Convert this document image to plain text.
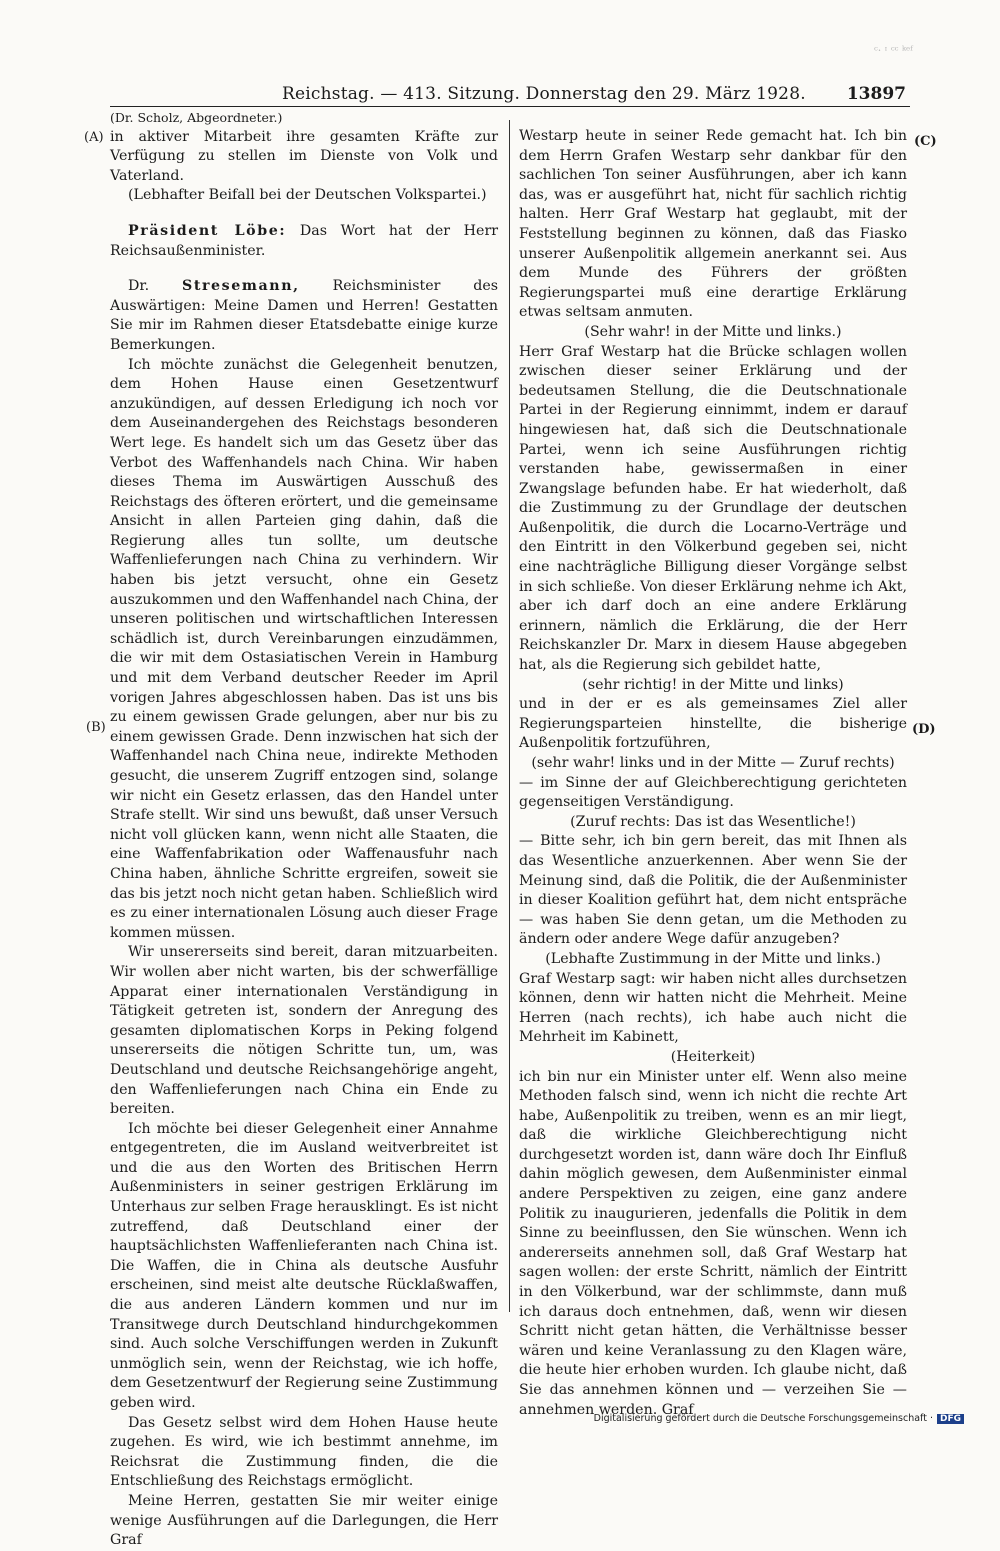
Reichstag. — 413. Sitzung. Donnerstag den 29. März 1928. 13897
ᶜ· ᶦ ᶜᶜ ᵏᵉᶠ
(A)
(B)
(C)
(D)

(Dr. Scholz, Abgeordneter.)

in aktiver Mitarbeit ihre gesamten Kräfte zur Verfügung zu stellen im Dienste von Volk und Vaterland.

(Lebhafter Beifall bei der Deutschen Volkspartei.)

Präsident Löbe: Das Wort hat der Herr Reichsaußenminister.

Dr. Stresemann, Reichsminister des Auswärtigen: Meine Damen und Herren! Gestatten Sie mir im Rahmen dieser Etatsdebatte einige kurze Bemerkungen.

Ich möchte zunächst die Gelegenheit benutzen, dem Hohen Hause einen Gesetzentwurf anzukündigen, auf dessen Erledigung ich noch vor dem Auseinandergehen des Reichstags besonderen Wert lege. Es handelt sich um das Gesetz über das Verbot des Waffenhandels nach China. Wir haben dieses Thema im Auswärtigen Ausschuß des Reichstags des öfteren erörtert, und die gemeinsame Ansicht in allen Parteien ging dahin, daß die Regierung alles tun sollte, um deutsche Waffenlieferungen nach China zu verhindern. Wir haben bis jetzt versucht, ohne ein Gesetz auszukommen und den Waffenhandel nach China, der unseren politischen und wirtschaftlichen Interessen schädlich ist, durch Vereinbarungen einzudämmen, die wir mit dem Ostasiatischen Verein in Hamburg und mit dem Verband deutscher Reeder im April vorigen Jahres abgeschlossen haben. Das ist uns bis zu einem gewissen Grade gelungen, aber nur bis zu einem gewissen Grade. Denn inzwischen hat sich der Waffenhandel nach China neue, indirekte Methoden gesucht, die unserem Zugriff entzogen sind, solange wir nicht ein Gesetz erlassen, das den Handel unter Strafe stellt. Wir sind uns bewußt, daß unser Versuch nicht voll glücken kann, wenn nicht alle Staaten, die eine Waffenfabrikation oder Waffenausfuhr nach China haben, ähnliche Schritte ergreifen, soweit sie das bis jetzt noch nicht getan haben. Schließlich wird es zu einer internationalen Lösung auch dieser Frage kommen müssen.

Wir unsererseits sind bereit, daran mitzuarbeiten. Wir wollen aber nicht warten, bis der schwerfällige Apparat einer internationalen Verständigung in Tätigkeit getreten ist, sondern der Anregung des gesamten diplomatischen Korps in Peking folgend unsererseits die nötigen Schritte tun, um, was Deutschland und deutsche Reichsangehörige angeht, den Waffenlieferungen nach China ein Ende zu bereiten.

Ich möchte bei dieser Gelegenheit einer Annahme entgegentreten, die im Ausland weitverbreitet ist und die aus den Worten des Britischen Herrn Außenministers in seiner gestrigen Erklärung im Unterhaus zur selben Frage herausklingt. Es ist nicht zutreffend, daß Deutschland einer der hauptsächlichsten Waffenlieferanten nach China ist. Die Waffen, die in China als deutsche Ausfuhr erscheinen, sind meist alte deutsche Rücklaßwaffen, die aus anderen Ländern kommen und nur im Transitwege durch Deutschland hindurchgekommen sind. Auch solche Verschiffungen werden in Zukunft unmöglich sein, wenn der Reichstag, wie ich hoffe, dem Gesetzentwurf der Regierung seine Zustimmung geben wird.

Das Gesetz selbst wird dem Hohen Hause heute zugehen. Es wird, wie ich bestimmt annehme, im Reichsrat die Zustimmung finden, die die Entschließung des Reichstags ermöglicht.

Meine Herren, gestatten Sie mir weiter einige wenige Ausführungen auf die Darlegungen, die Herr Graf

Westarp heute in seiner Rede gemacht hat. Ich bin dem Herrn Grafen Westarp sehr dankbar für den sachlichen Ton seiner Ausführungen, aber ich kann das, was er ausgeführt hat, nicht für sachlich richtig halten. Herr Graf Westarp hat geglaubt, mit der Feststellung beginnen zu können, daß das Fiasko unserer Außenpolitik allgemein anerkannt sei. Aus dem Munde des Führers der größten Regierungspartei muß eine derartige Erklärung etwas seltsam anmuten.

(Sehr wahr! in der Mitte und links.)

Herr Graf Westarp hat die Brücke schlagen wollen zwischen dieser seiner Erklärung und der bedeutsamen Stellung, die die Deutschnationale Partei in der Regierung einnimmt, indem er darauf hingewiesen hat, daß sich die Deutschnationale Partei, wenn ich seine Ausführungen richtig verstanden habe, gewissermaßen in einer Zwangslage befunden habe. Er hat wiederholt, daß die Zustimmung zu der Grundlage der deutschen Außenpolitik, die durch die Locarno-Verträge und den Eintritt in den Völkerbund gegeben sei, nicht eine nachträgliche Billigung dieser Vorgänge selbst in sich schließe. Von dieser Erklärung nehme ich Akt, aber ich darf doch an eine andere Erklärung erinnern, nämlich die Erklärung, die der Herr Reichskanzler Dr. Marx in diesem Hause abgegeben hat, als die Regierung sich gebildet hatte,

(sehr richtig! in der Mitte und links)

und in der er es als gemeinsames Ziel aller Regierungsparteien hinstellte, die bisherige Außenpolitik fortzuführen,

(sehr wahr! links und in der Mitte — Zuruf rechts)

— im Sinne der auf Gleichberechtigung gerichteten gegenseitigen Verständigung.

(Zuruf rechts: Das ist das Wesentliche!)

— Bitte sehr, ich bin gern bereit, das mit Ihnen als das Wesentliche anzuerkennen. Aber wenn Sie der Meinung sind, daß die Politik, die der Außenminister in dieser Koalition geführt hat, dem nicht entspräche — was haben Sie denn getan, um die Methoden zu ändern oder andere Wege dafür anzugeben?

(Lebhafte Zustimmung in der Mitte und links.)

Graf Westarp sagt: wir haben nicht alles durchsetzen können, denn wir hatten nicht die Mehrheit. Meine Herren (nach rechts), ich habe auch nicht die Mehrheit im Kabinett,

(Heiterkeit)

ich bin nur ein Minister unter elf. Wenn also meine Methoden falsch sind, wenn ich nicht die rechte Art habe, Außenpolitik zu treiben, wenn es an mir liegt, daß die wirkliche Gleichberechtigung nicht durchgesetzt worden ist, dann wäre doch Ihr Einfluß dahin möglich gewesen, dem Außenminister einmal andere Perspektiven zu zeigen, eine ganz andere Politik zu inaugurieren, jedenfalls die Politik in dem Sinne zu beeinflussen, den Sie wünschen. Wenn ich andererseits annehmen soll, daß Graf Westarp hat sagen wollen: der erste Schritt, nämlich der Eintritt in den Völkerbund, war der schlimmste, dann muß ich daraus doch entnehmen, daß, wenn wir diesen Schritt nicht getan hätten, die Verhältnisse besser wären und keine Veranlassung zu den Klagen wäre, die heute hier erhoben wurden. Ich glaube nicht, daß Sie das annehmen können und — verzeihen Sie — annehmen werden. Graf

Digitalisierung gefördert durch die Deutsche Forschungsgemeinschaft · DFG
